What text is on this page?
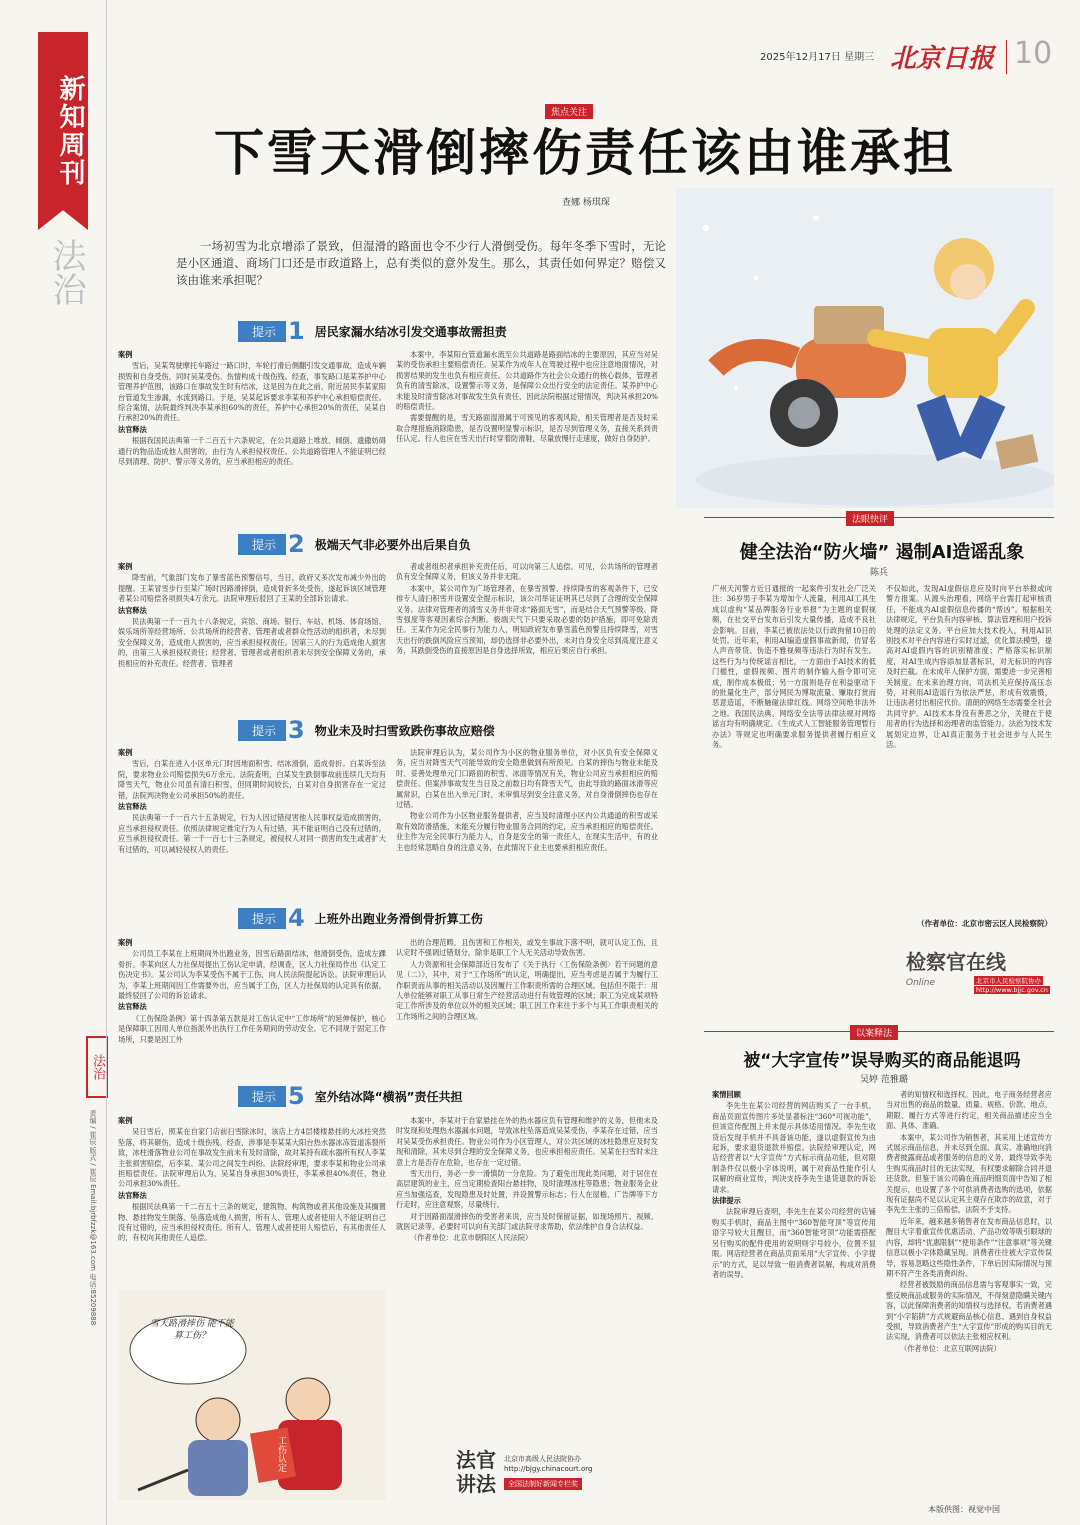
新知周刊
法治
法治
责编 / 崔辰 版式 / 崔辰 Email:bjrbfzzk@163.com 电话:85209888
2025年12月17日 星期三 北京日报 10
焦点关注
下雪天滑倒摔伤责任该由谁承担
查娜 杨琪琛
一场初雪为北京增添了景致，但湿滑的路面也令不少行人滑倒受伤。每年冬季下雪时，无论是小区通道、商场门口还是市政道路上，总有类似的意外发生。那么，其责任如何界定？赔偿又该由谁来承担呢？
提示 1 居民家漏水结冰引发交通事故需担责

案例

雪后，吴某驾驶摩托车路过一路口时，车轮打滑后侧翻引发交通事故，造成车辆损毁和自身受伤，同时吴某受伤。伤情构成十级伤残。经查，事发路口是某养护中心管理养护范围，该路口在事故发生时有结冰，这是因为在此之前，附近居民李某家阳台管道发生渗漏，水流到路口。于是，吴某起诉要求李某和养护中心承担赔偿责任。综合案情，法院最终判决李某承担60%的责任，养护中心承担20%的责任，吴某自行承担20%的责任。

法官释法

根据我国民法典第一千二百五十六条规定，在公共道路上堆放、倾倒、遗撒妨碍通行的物品造成他人损害的，由行为人承担侵权责任。公共道路管理人不能证明已经尽到清理、防护、警示等义务的，应当承担相应的责任。

本案中，李某阳台管道漏水流至公共道路是路面结冰的主要原因，其应当对吴某的受伤承担主要赔偿责任。吴某作为成年人在驾驶过程中也应注意地面情况，对损害结果的发生也负有相应责任。公共道路作为社会公众通行的核心载体，管理者负有的清雪除冰，设置警示等义务，是保障公众出行安全的法定责任。某养护中心未能及时清雪除冰对事故发生负有责任，因此法院根据过错情况，判决其承担20%的赔偿责任。

需要提醒的是，雪天路面湿滑属于可预见的客观风险，相关管理者是否及时采取合理措施消除隐患，是否设置明显警示标识，是否尽到管理义务，直接关系到责任认定。行人也应在雪天出行时穿着防滑鞋，尽量放慢行走速度，做好自身防护。

提示 2 极端天气非必要外出后果自负

案例

降雪前，气象部门发布了暴雪蓝色预警信号，当日，政府又多次发布减少外出的提醒。王某冒雪步行至某广场时因路滑摔倒，造成骨折多处受伤，遂起诉该区域管理者某公司赔偿各项损失4万余元。法院审理后驳回了王某的全部诉讼请求。

法官释法

民法典第一千一百九十八条规定，宾馆、商场、银行、车站、机场、体育场馆、娱乐场所等经营场所、公共场所的经营者、管理者或者群众性活动的组织者，未尽到安全保障义务，造成他人损害的，应当承担侵权责任。因第三人的行为造成他人损害的，由第三人承担侵权责任；经营者、管理者或者组织者未尽到安全保障义务的，承担相应的补充责任。经营者、管理者

者或者组织者承担补充责任后，可以向第三人追偿。可见，公共场所的管理者负有安全保障义务，但该义务并非无限。

本案中，某公司作为广场管理者，在暴雪预警、持续降雪的客观条件下，已安排专人清扫积雪并设置安全提示标识，该公司举证证明其已尽到了合理的安全保障义务。法律对管理者的清雪义务并非苛求“路面无雪”，而是结合天气预警等级、降雪强度等客观因素综合判断。极端天气下只要采取必要的防护措施，即可免除责任。王某作为完全民事行为能力人，明知政府发布暴雪蓝色预警且持续降雪，对雪天出行的跌倒风险应当预知，却仍选择非必要外出，未对自身安全尽到高度注意义务，其跌倒受伤的直接原因是自身选择所致，相应后果应自行承担。

提示 3 物业未及时扫雪致跌伤事故应赔偿

案例

雪后，白某在进入小区单元门时因地面积雪、结冰滑倒，造成骨折。白某诉至法院，要求物业公司赔偿损失6万余元。法院查明，白某发生跌倒事故前连续几天均有降雪天气，物业公司虽有清扫积雪，但同期时间较长，白某对自身损害存在一定过错，法院判决物业公司承担50%的责任。

法官释法

民法典第一千一百六十五条规定，行为人因过错侵害他人民事权益造成损害的，应当承担侵权责任。依照法律规定推定行为人有过错，其不能证明自己没有过错的，应当承担侵权责任。第一千一百七十三条规定，被侵权人对同一损害的发生或者扩大有过错的，可以减轻侵权人的责任。

法院审理后认为，某公司作为小区的物业服务单位，对小区负有安全保障义务，应当对降雪天气可能导致的安全隐患做到有所预见。白某的摔伤与物业未能及时、妥善处理单元门口路面的积雪、冰面等情况有关，物业公司应当承担相应的赔偿责任。但案涉事故发生当日及之前数日均有降雪天气，由此导致的路面冰滑等应属常识，白某在出入单元门时，未审慎尽到安全注意义务，对自身滑倒摔伤也存在过错。

物业公司作为小区物业服务提供者，应当及时清理小区内公共通道的积雪或采取有效防滑措施，未能充分履行物业服务合同的约定，应当承担相应的赔偿责任。业主作为完全民事行为能力人，自身是安全的第一责任人，在现实生活中，有的业主也经常忽略自身的注意义务，在此情况下业主也要承担相应责任。

提示 4 上班外出跑业务滑倒骨折算工伤

案例

公司员工李某在上班期间外出跑业务，因雪后路面结冰，他滑倒受伤，造成左踝骨折。李某向区人力社保局提出工伤认定申请，经调查，区人力社保局作出《认定工伤决定书》。某公司认为李某受伤不属于工伤，向人民法院提起诉讼。法院审理后认为，李某上班期间因工作需要外出，应当属于工伤，区人力社保局的认定具有依据，最终驳回了公司的诉讼请求。

法官释法

《工伤保险条例》第十四条第五款是对工伤认定中“工作场所”的延伸保护，核心是保障职工因用人单位指派外出执行工作任务期间的劳动安全。它不同规于固定工作场所，只要是因工外

出的合理范畴，且伤害和工作相关，或发生事故下落不明，就可认定工伤，且认定时不强调过错划分，除非是职工个人无关活动导致伤害。

人力资源和社会保障部近日发布了《关于执行〈工伤保险条例〉若干问题的意见（二）》，其中，对于“工作场所”的认定，明确提出，应当考虑是否属于为履行工作职责而从事的相关活动以及因履行工作职责所需的合理区域。包括但不限于：用人单位能够对职工从事日常生产经营活动进行有效管理的区域；职工为完成某项特定工作所涉及的单位以外的相关区域；职工因工作来往于多个与其工作职责相关的工作场所之间的合理区域。

提示 5 室外结冰降“横祸”责任共担

案例

吴日雪后，照某在自家门店前扫雪除冰时，该店上方4层楼楼悬挂的大冰柱突然坠落，将其砸伤，造成十级伤残。经查，涉事是李某某大阳台热水器冰冻管道冻裂所致，冰柱滑落物业公司在事故发生前未有及时清除，故对某持有疏水器所有权人李某主张损害赔偿，后李某、某公司之间发生纠纷。法院经审理，要求李某和物业公司承担赔偿责任。法院审理后认为，吴某自身承担30%责任，李某承担40%责任，物业公司承担30%责任。

法官释法

根据民法典第一千二百五十三条的规定，建筑物、构筑物或者其他设施及其搁置物、悬挂物发生脱落、坠落造成他人损害，所有人、管理人或者使用人不能证明自己没有过错的，应当承担侵权责任。所有人、管理人或者使用人赔偿后，有其他责任人的，有权向其他责任人追偿。

本案中，李某对于自家悬挂在外的热水器应负有管理和维护的义务，但他未及时发现和处理热水器漏水问题，导致冰柱坠落造成吴某受伤，李某存在过错，应当对吴某受伤承担责任。物业公司作为小区管理人，对公共区域的冰柱隐患应及时发现和清除，其未尽到合理的安全保障义务，也应承担相应责任。吴某在扫雪时未注意上方是否存在危险，也存在一定过错。

雪天出行，务必一步一滑慎防一分危险。为了避免出现此类问题，对于居住在高层建筑的业主，应当定期检查阳台悬挂物，及时清理冰柱等隐患；物业服务企业应当加强巡查，发现隐患及时处置，并设置警示标志；行人在屋檐、广告牌等下方行走时，应注意观察，尽量绕行。

对于因路面湿滑摔伤的受害者来说，应当及时保留证据，如现场照片、视频、就医记录等，必要时可以向有关部门或法院寻求帮助，依法维护自身合法权益。

（作者单位：北京市朝阳区人民法院）

雪天路滑摔伤 能不能算工伤？
工伤认定	法官讲法
北京市高级人民法院协办
http://bjgy.chinacourt.org
全国法制好新闻专栏奖
法眼快评
健全法治“防火墙” 遏制AI造谣乱象
陈兵
广州天河警方近日通报的一起案件引发社会广泛关注：36岁男子李某为增加个人流量，利用AI工具生成以虚构“某品牌服务行业举报”为主题的虚假视频，在社交平台发布后引发大量传播，造成不良社会影响。目前，李某已被依法处以行政拘留10日的处罚。近年来，利用AI编造虚假事故新闻，仿冒名人声音带货、伪造不雅视频等违法行为时有发生。这些行为与传统谣言相比，一方面由于AI技术的低门槛性，虚假视频、图片的制作输入指令即可完成，制作成本极低；另一方面则是存在利益驱动下的批量化生产，部分网民为博取流量、赚取打赏而恶意造谣，不断触碰法律红线。网络空间绝非法外之地。我国民法典、网络安全法等法律法规对网络谣言均有明确规定。《生成式人工智能服务管理暂行办法》等规定也明确要求服务提供者履行相应义务。
不仅如此，发现AI虚假信息应及时向平台举报或向警方报案。从源头治理看，网络平台需打起审核责任，不能成为AI虚假信息传播的“帮凶”。根据相关法律规定，平台负有内容审核、算法管理和用户投诉处理的法定义务。平台应加大技术投入，利用AI识别技术对平台内容进行实时过滤，优化算法模型，提高对AI虚假内容的识别精准度；严格落实标识制度，对AI生成内容添加显著标识，对无标识的内容及时拦截。在未成年人保护方面，需要进一步完善相关制度。在未来治理方向，司法机关应保持高压态势，对利用AI造谣行为依法严惩，形成有效震慑，让违法者付出相应代价。清朗的网络生态需要全社会共同守护。AI技术本身没有善恶之分，关键在于使用者的行为选择和治理者的监管能力。法治为技术发展划定边界，让AI真正服务于社会进步与人民生活。
（作者单位：北京市密云区人民检察院）
检察官在线
Online	北京市人民检察院协办
http://www.bjjc.gov.cn
以案释法
被“大字宣传”误导购买的商品能退吗
吴婷 范雅璐

案情回顾

李先生在某公司经营的网店购买了一台手机，商品页面宣传图片多处显著标注“360°可视功能”，但该宣传配图上并未提示具体适用情况。李先生收货后发现手机并不具备该功能，遂以虚假宣传为由起诉，要求退货退款并赔偿。法院经审理认定，网店经营者以“大字宣传”方式标示商品功能，但对限制条件仅以极小字体说明，属于对商品性能作引人误解的商业宣传，判决支持李先生退货退款的诉讼请求。

法律提示

法院审理后查明，李先生在某公司经营的店铺购买手机时，商品主图中“360智能穹顶”等宣传用语字号较大且醒目，而“360智能穹顶”功能需搭配另行购买的配件使用的说明则字号较小，位置不显眼。网店经营者在商品页面采用“大字宣传、小字提示”的方式，足以导致一般消费者误解，构成对消费者的误导。

者的知情权和选择权。因此，电子商务经营者应当对出售的商品的数量、质量、规格、价款、地点、期限、履行方式等进行约定，相关商品描述应当全面、具体、准确。

本案中，某公司作为销售者，其采用上述宣传方式展示商品信息，并未尽到全面、真实、准确地向消费者披露商品或者服务的信息的义务，最终导致李先生购买商品时目的无法实现，有权要求解除合同并退还货款。但鉴于该公司确在商品明细页面中告知了相关提示，也设置了多个可供消费者选购的选项，依据现有证据尚不足以认定其主观存在欺诈的故意，对于李先生主张的三倍赔偿，法院不予支持。

近年来，越来越多销售者在发布商品信息时，以醒目大字着重宣传优惠活动、产品功效等吸引眼球的内容，却将“优惠限制”“使用条件”“注意事项”等关键信息以极小字体隐藏呈现。消费者往往被大字宣传误导，容易忽略这些隐性条件，下单后因实际情况与预期不符产生各类消费纠纷。

经营者被鼓励的商品信息需与客观事实一致，完整反映商品或服务的实际情况，不得刻意隐瞒关键内容，以此保障消费者的知情权与选择权。若消费者遇到“小字陷阱”方式规避商品核心信息、遇到自身权益受损，导致消费者产生“大字宣传”形成的购买目的无法实现，消费者可以依法主张相应权利。

（作者单位：北京互联网法院）

本版供图：视觉中国
